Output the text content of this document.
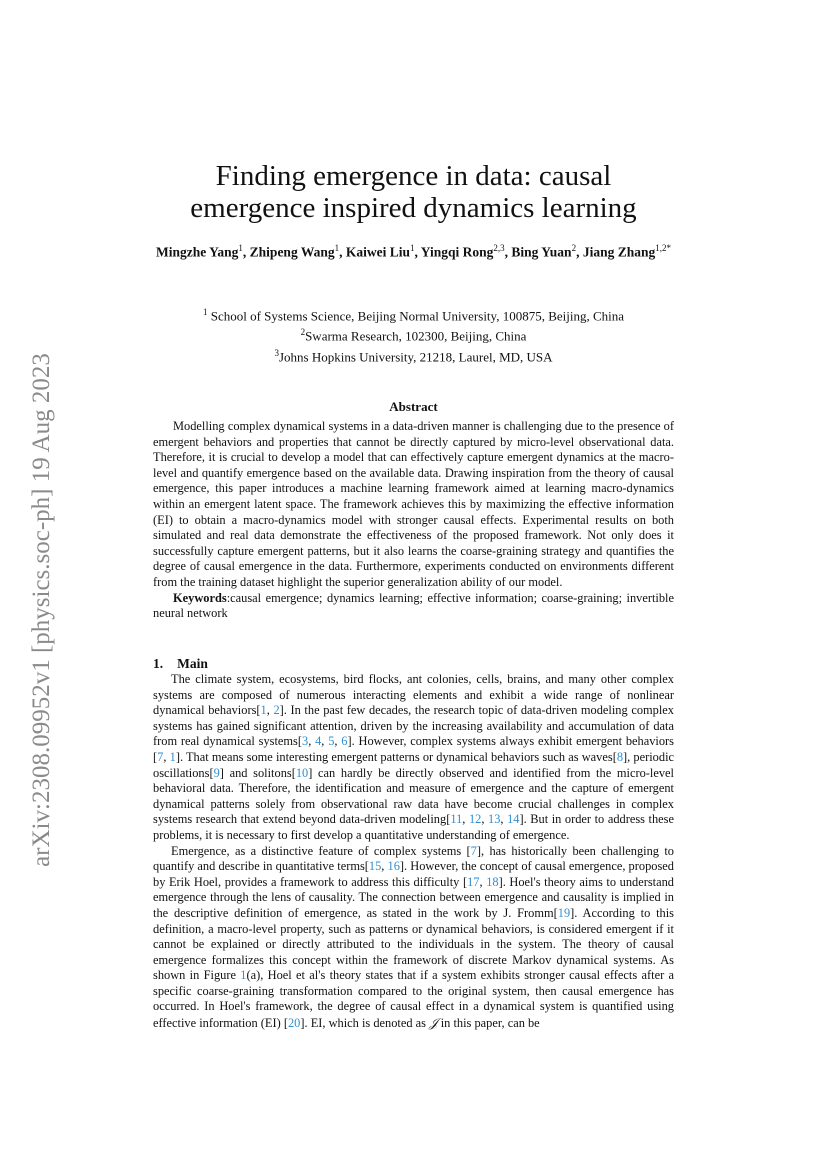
arXiv:2308.09952v1 [physics.soc-ph] 19 Aug 2023
Finding emergence in data: causal
emergence inspired dynamics learning
Mingzhe Yang$^1$, Zhipeng Wang$^1$, Kaiwei Liu$^1$, Yingqi Rong$^{2,3}$, Bing Yuan$^2$, Jiang Zhang$^{1,2*}$
$^1$ School of Systems Science, Beijing Normal University, 100875, Beijing, China
$^2$Swarma Research, 102300, Beijing, China
$^3$Johns Hopkins University, 21218, Laurel, MD, USA
Abstract

Modelling complex dynamical systems in a data-driven manner is challenging due to the presence of emergent behaviors and properties that cannot be directly captured by micro-level observational data. Therefore, it is crucial to develop a model that can effectively capture emergent dynamics at the macro-level and quantify emergence based on the available data. Drawing inspiration from the theory of causal emergence, this paper introduces a machine learning framework aimed at learning macro-dynamics within an emergent latent space. The framework achieves this by maximizing the effective information (EI) to obtain a macro-dynamics model with stronger causal effects. Experimental results on both simulated and real data demonstrate the effectiveness of the proposed framework. Not only does it successfully capture emergent patterns, but it also learns the coarse-graining strategy and quantifies the degree of causal emergence in the data. Furthermore, experiments conducted on environments different from the training dataset highlight the superior generalization ability of our model.

Keywords:causal emergence; dynamics learning; effective information; coarse-graining; invertible neural network

1. Main

The climate system, ecosystems, bird flocks, ant colonies, cells, brains, and many other complex systems are composed of numerous interacting elements and exhibit a wide range of nonlinear dynamical behaviors[1, 2]. In the past few decades, the research topic of data-driven modeling complex systems has gained significant attention, driven by the increasing availability and accumulation of data from real dynamical systems[3, 4, 5, 6]. However, complex systems always exhibit emergent behaviors [7, 1]. That means some interesting emergent patterns or dynamical behaviors such as waves[8], periodic oscillations[9] and solitons[10] can hardly be directly observed and identified from the micro-level behavioral data. Therefore, the identification and measure of emergence and the capture of emergent dynamical patterns solely from observational raw data have become crucial challenges in complex systems research that extend beyond data-driven modeling[11, 12, 13, 14]. But in order to address these problems, it is necessary to first develop a quantitative understanding of emergence.

Emergence, as a distinctive feature of complex systems [7], has historically been challenging to quantify and describe in quantitative terms[15, 16]. However, the concept of causal emergence, proposed by Erik Hoel, provides a framework to address this difficulty [17, 18]. Hoel's theory aims to understand emergence through the lens of causality. The connection between emergence and causality is implied in the descriptive definition of emergence, as stated in the work by J. Fromm[19]. According to this definition, a macro-level property, such as patterns or dynamical behaviors, is considered emergent if it cannot be explained or directly attributed to the individuals in the system. The theory of causal emergence formalizes this concept within the framework of discrete Markov dynamical systems. As shown in Figure 1(a), Hoel et al's theory states that if a system exhibits stronger causal effects after a specific coarse-graining transformation compared to the original system, then causal emergence has occurred. In Hoel's framework, the degree of causal effect in a dynamical system is quantified using effective information (EI) [20]. EI, which is denoted as 𝒥 in this paper, can be
